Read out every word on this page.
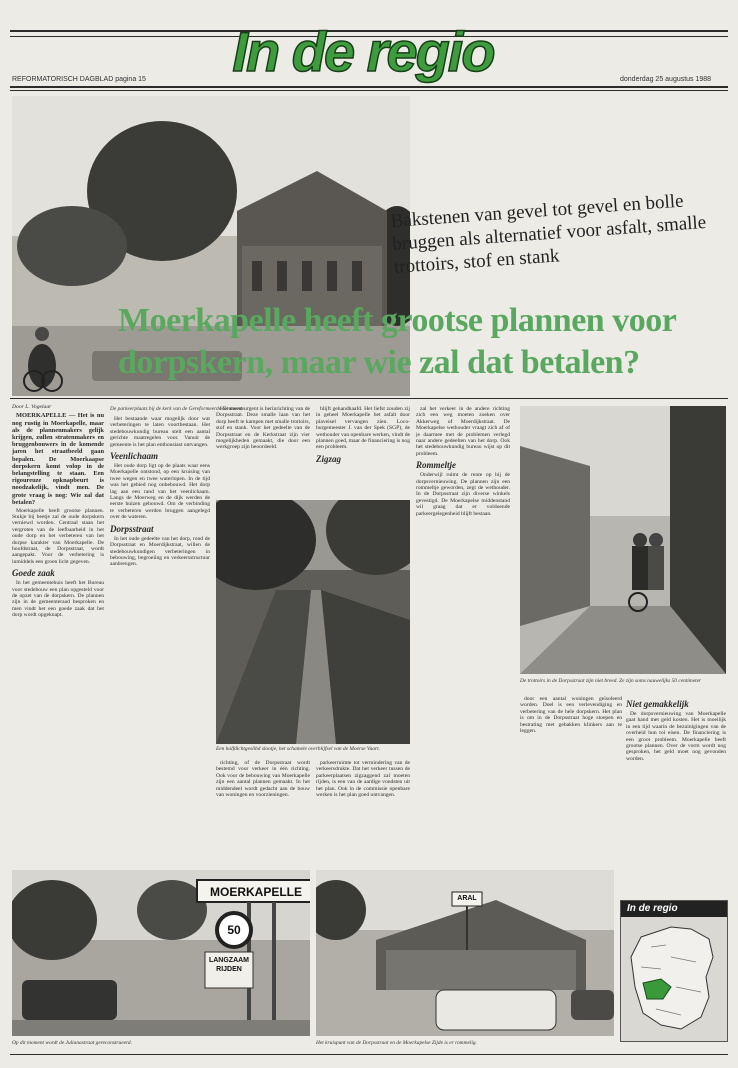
In de regio
REFORMATORISCH DAGBLAD pagina 15	donderdag 25 augustus 1988
Bakstenen van gevel tot gevel en bolle bruggen als alternatief voor asfalt, smalle trottoirs, stof en stank
Moerkapelle heeft grootse plannen voor
dorpskern, maar wie zal dat betalen?
Door L. Vogelaar

MOERKAPELLE — Het is nu nog rustig in Moerkapelle, maar als de plannenmakers gelijk krijgen, zullen stratenmakers en bruggenbouwers in de komende jaren het straatbeeld gaan bepalen. De Moerkaapse dorpskern komt volop in de belangstelling te staan. Een rigoureuze opknapbeurt is noodzakelijk, vindt men. De grote vraag is nog: Wie zal dat betalen?

Moerkapelle heeft grootse plannen. Stukje bij beetje zal de oude dorpskern verniewd worden. Centraal staan het vergroten van de leefbaarheid in het oude dorp en het verbeteren van het dorpse karakter van Moerkapelle. De hoofdstraat, de Dorpsstraat, wordt aangepakt. Voor de verbetering is inmiddels een groen licht gegeven.

Goede zaak

In het gemeentehuis heeft het Bureau voor stedebouw een plan opgesteld voor de opzet van de dorpskern. De plannen zijn in de gemeenteraad besproken en men vindt het een goede zaak dat het dorp wordt opgeknapt.

De parkeerplaats bij de kerk van de Gereformeerde Gemeente.

Het bestaande waar mogelijk door wat verbeteringen te laten voortbestaan. Het stedebouwkundig bureau stelt een aantal gerichte maatregelen voor. Vanuit de gemeente is het plan enthousiast ontvangen.

Veenlichaam

Het oude dorp ligt op de plaats waar eens Moerkapelle ontstond, op een kruising van twee wegen en twee waterlopen. In de tijd was het gebied nog onbebouwd. Het dorp lag aan een rand van het veenlichaam. Langs de Moerweg en de dijk werden de eerste huizen gebouwd. Om de verbinding te verbeteren werden bruggen aangelegd over de wateren.

Dorpsstraat

In het oude gedeelte van het dorp, rond de Dorpsstraat en Moerdijkstraat, willen de stedebouwkundigen verbeteringen in bebouwing, begroeiing en verkeersstructuur aanbrengen.

Het meest urgent is herinrichting van de Dorpsstraat. Deze smalle laan van het dorp heeft te kampen met smalle trottoirs, stof en stank. Voor het gedeelte van de Dorpsstraat en de Kerkstraat zijn vier mogelijkheden gemaakt, die door een werkgroep zijn beoordeeld.

Een halfdichtgeslibd slootje, het schamele overblijfsel van de Moerse Vaart.

richting, of de Dorpsstraat wordt bestemd voor verkeer in één richting. Ook voor de bebouwing van Moerkapelle zijn een aantal plannen gemaakt. In het middendeel wordt gedacht aan de bouw van woningen en voorzieningen.

hlijft gehandhaafd. Het liefst zouden zij in geheel Moerkapelle het asfalt door plaveisel vervangen zien. Loco-burgemeester J. van der Spek (SGP), de wethouder van openbare werken, vindt de plannen goed, maar de financiering is nog een probleem.

Zigzag

parkeerruimte tot vermindering van de verkeersdrukte. Dat het verkeer tussen de parkeerplaatsen zigzaggend zal moeten rijden, is een van de aardige vondsten uit het plan. Ook in de commissie openbare werken is het plan goed ontvangen.

zal het verkeer in de andere richting zich een weg moeten zoeken over Akkerweg of Moerdijkstraat. De Moerkapelse wethouder vraagt zich af of je daarmee met de problemen verlegd naar andere gedeelten van het dorp. Ook het stedebouwkundig bureau wijst op dit probleem.

Rommeltje

Onderwijl ruimt de rente op bij de dorpsvernieuwing. De plannen zijn een rommeltje geworden, zegt de wethouder. In de Dorpsstraat zijn diverse winkels gevestigd. De Moerkapelse middenstand wil graag dat er voldoende parkeergelegenheid blijft bestaan.

De trottoirs in de Dorpsstraat zijn niet breed. Ze zijn soms nauwelijks 50 centimeter

door een aantal woningen geïsoleerd worden. Doel is een verlevendiging en verbetering van de hele dorpskern. Het plan is om in de Dorpsstraat hoge stoepen en bestrating met gebakken klinkers aan te leggen.

Niet gemakkelijk

De dorpsvernieuwing van Moerkapelle gaat hand met geld kosten. Het is moeilijk in een tijd waarin de bezuinigingen van de overheid hun tol eisen. De financiering is een groot probleem. Moerkapelle heeft grootse plannen. Over de vorm wordt nog gesproken, het geld moet nog gevonden worden.

MOERKAPELLE
50
LANGZAAM RIJDEN
Op dit moment wordt de Julianastraat gereconstrueerd.
ARAL
Het kruispunt van de Dorpsstraat en de Moerkapelse Zijde is er rommelig.
In de regio
